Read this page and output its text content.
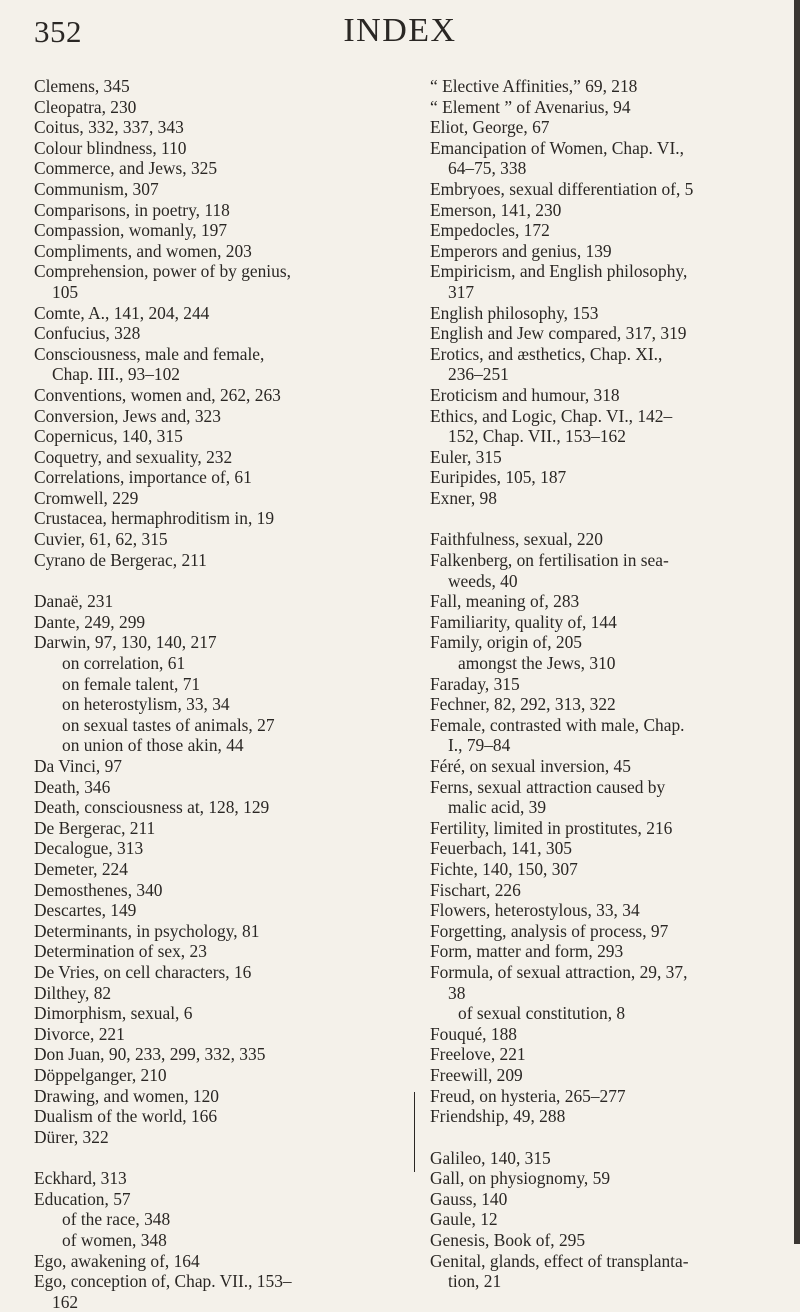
352	INDEX

Clemens, 345

Cleopatra, 230

Coitus, 332, 337, 343

Colour blindness, 110

Commerce, and Jews, 325

Communism, 307

Comparisons, in poetry, 118

Compassion, womanly, 197

Compliments, and women, 203

Comprehension, power of by genius,

105

Comte, A., 141, 204, 244

Confucius, 328

Consciousness, male and female,

Chap. III., 93–102

Conventions, women and, 262, 263

Conversion, Jews and, 323

Copernicus, 140, 315

Coquetry, and sexuality, 232

Correlations, importance of, 61

Cromwell, 229

Crustacea, hermaphroditism in, 19

Cuvier, 61, 62, 315

Cyrano de Bergerac, 211

Danaë, 231

Dante, 249, 299

Darwin, 97, 130, 140, 217

on correlation, 61

on female talent, 71

on heterostylism, 33, 34

on sexual tastes of animals, 27

on union of those akin, 44

Da Vinci, 97

Death, 346

Death, consciousness at, 128, 129

De Bergerac, 211

Decalogue, 313

Demeter, 224

Demosthenes, 340

Descartes, 149

Determinants, in psychology, 81

Determination of sex, 23

De Vries, on cell characters, 16

Dilthey, 82

Dimorphism, sexual, 6

Divorce, 221

Don Juan, 90, 233, 299, 332, 335

Döppelganger, 210

Drawing, and women, 120

Dualism of the world, 166

Dürer, 322

Eckhard, 313

Education, 57

of the race, 348

of women, 348

Ego, awakening of, 164

Ego, conception of, Chap. VII., 153–

162

“ Elective Affinities,” 69, 218

“ Element ” of Avenarius, 94

Eliot, George, 67

Emancipation of Women, Chap. VI.,

64–75, 338

Embryoes, sexual differentiation of, 5

Emerson, 141, 230

Empedocles, 172

Emperors and genius, 139

Empiricism, and English philosophy,

317

English philosophy, 153

English and Jew compared, 317, 319

Erotics, and æsthetics, Chap. XI.,

236–251

Eroticism and humour, 318

Ethics, and Logic, Chap. VI., 142–

152, Chap. VII., 153–162

Euler, 315

Euripides, 105, 187

Exner, 98

Faithfulness, sexual, 220

Falkenberg, on fertilisation in sea-

weeds, 40

Fall, meaning of, 283

Familiarity, quality of, 144

Family, origin of, 205

amongst the Jews, 310

Faraday, 315

Fechner, 82, 292, 313, 322

Female, contrasted with male, Chap.

I., 79–84

Féré, on sexual inversion, 45

Ferns, sexual attraction caused by

malic acid, 39

Fertility, limited in prostitutes, 216

Feuerbach, 141, 305

Fichte, 140, 150, 307

Fischart, 226

Flowers, heterostylous, 33, 34

Forgetting, analysis of process, 97

Form, matter and form, 293

Formula, of sexual attraction, 29, 37,

38

of sexual constitution, 8

Fouqué, 188

Freelove, 221

Freewill, 209

Freud, on hysteria, 265–277

Friendship, 49, 288

Galileo, 140, 315

Gall, on physiognomy, 59

Gauss, 140

Gaule, 12

Genesis, Book of, 295

Genital, glands, effect of transplanta-

tion, 21
